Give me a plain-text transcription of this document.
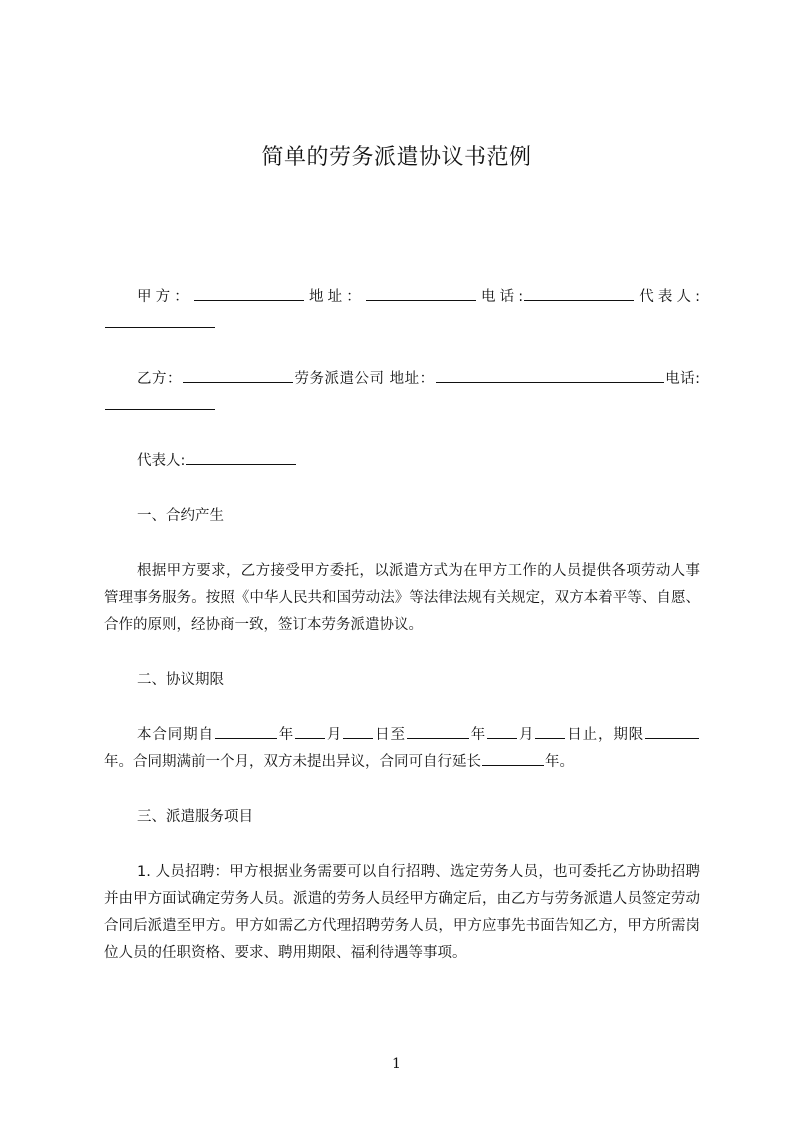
简单的劳务派遣协议书范例

甲方：	地址：	电话:	代表人:

乙方：	劳务派遣公司 地址：	电话:

代表人:

一、合约产生

根据甲方要求，乙方接受甲方委托，以派遣方式为在甲方工作的人员提供各项劳动人事管理事务服务。按照《中华人民共和国劳动法》等法律法规有关规定，双方本着平等、自愿、合作的原则，经协商一致，签订本劳务派遣协议。

二、协议期限

本合同期自	年 月 日至	年 月 日止，期限年。合同期满前一个月，双方未提出异议，合同可自行延长	年。

三、派遣服务项目

1. 人员招聘：甲方根据业务需要可以自行招聘、选定劳务人员，也可委托乙方协助招聘并由甲方面试确定劳务人员。派遣的劳务人员经甲方确定后，由乙方与劳务派遣人员签定劳动合同后派遣至甲方。甲方如需乙方代理招聘劳务人员，甲方应事先书面告知乙方，甲方所需岗位人员的任职资格、要求、聘用期限、福利待遇等事项。

1
